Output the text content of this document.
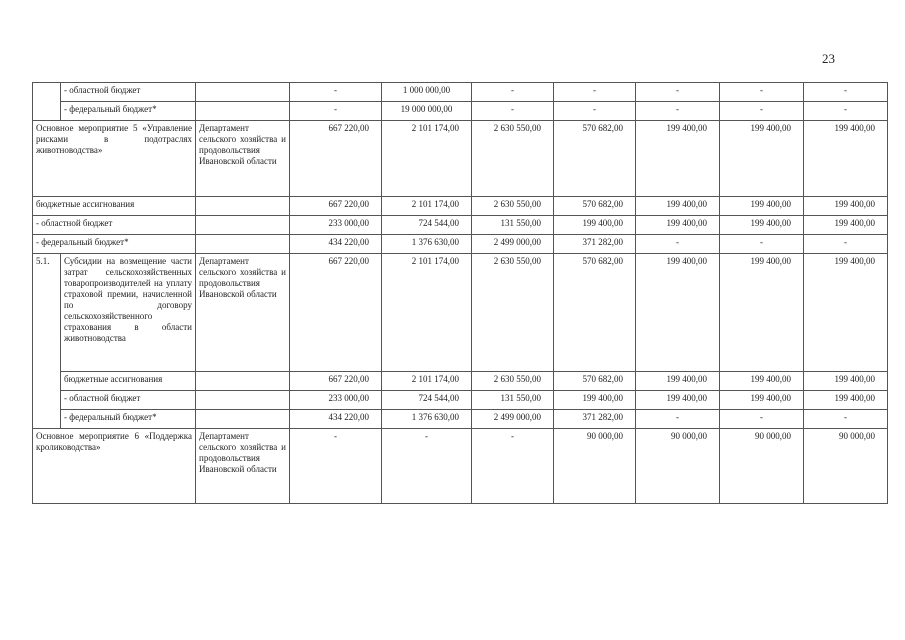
23
	- областной бюджет		-	1 000 000,00	-	-	-	-	-
	- федеральный бюджет*		-	19 000 000,00	-	-	-	-	-
Основное мероприятие 5 «Управление рисками в подотраслях животноводства»		Департамент сельского хозяйства и продовольствия Ивановской области	667 220,00	2 101 174,00	2 630 550,00	570 682,00	199 400,00	199 400,00	199 400,00
бюджетные ассигнования			667 220,00	2 101 174,00	2 630 550,00	570 682,00	199 400,00	199 400,00	199 400,00
- областной бюджет			233 000,00	724 544,00	131 550,00	199 400,00	199 400,00	199 400,00	199 400,00
- федеральный бюджет*			434 220,00	1 376 630,00	2 499 000,00	371 282,00	-	-	-
5.1.	Субсидии на возмещение части затрат сельскохозяйственных товаропроизводителей на уплату страховой премии, начисленной по договору сельскохозяйственного страхования в области животноводства	Департамент сельского хозяйства и продовольствия Ивановской области	667 220,00	2 101 174,00	2 630 550,00	570 682,00	199 400,00	199 400,00	199 400,00
	бюджетные ассигнования		667 220,00	2 101 174,00	2 630 550,00	570 682,00	199 400,00	199 400,00	199 400,00
	- областной бюджет		233 000,00	724 544,00	131 550,00	199 400,00	199 400,00	199 400,00	199 400,00
	- федеральный бюджет*		434 220,00	1 376 630,00	2 499 000,00	371 282,00	-	-	-
Основное мероприятие 6 «Поддержка кролиководства»		Департамент сельского хозяйства и продовольствия Ивановской области	-	-	-	90 000,00	90 000,00	90 000,00	90 000,00
